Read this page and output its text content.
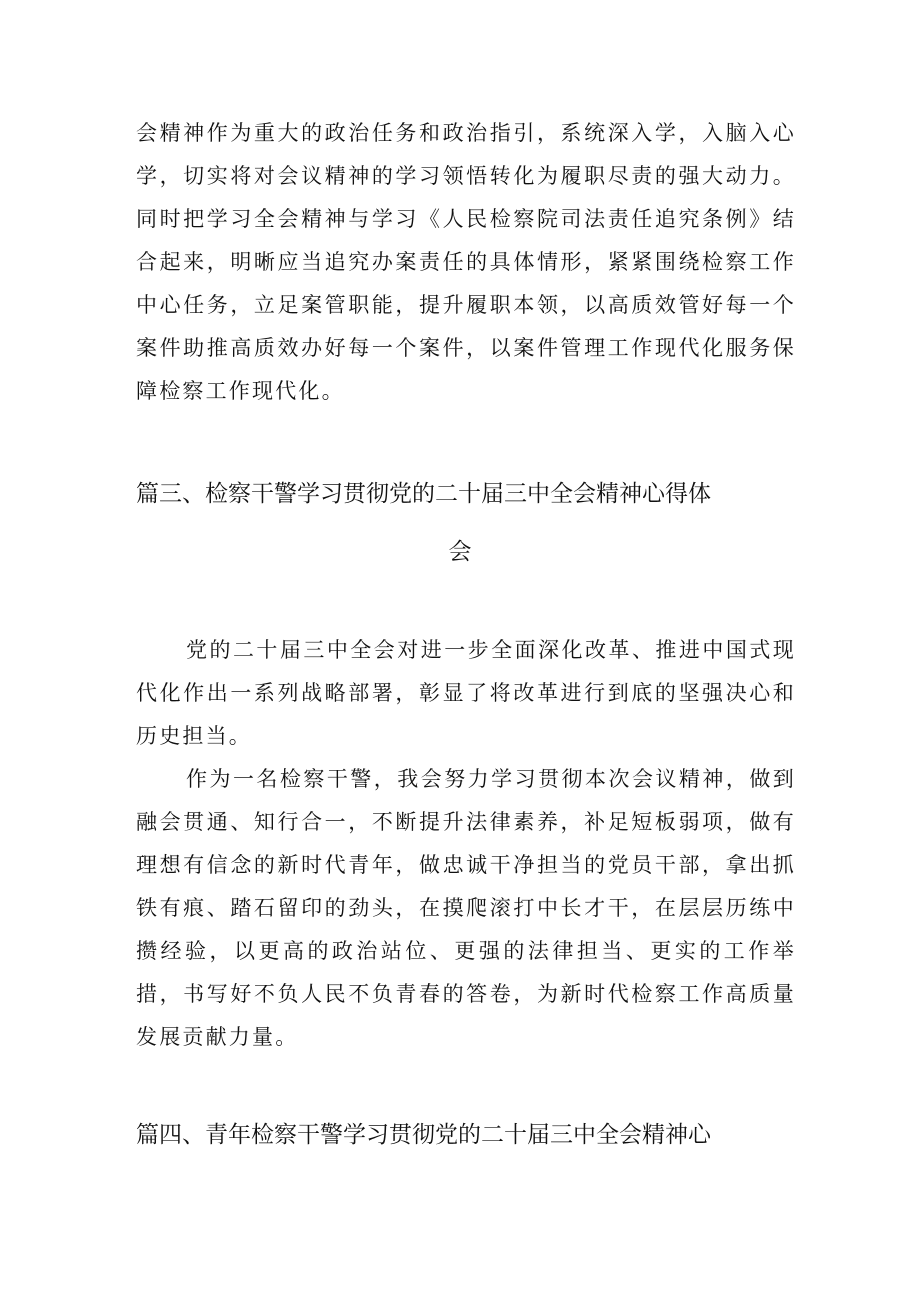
会精神作为重大的政治任务和政治指引，系统深入学，入脑入心学，切实将对会议精神的学习领悟转化为履职尽责的强大动力。同时把学习全会精神与学习《人民检察院司法责任追究条例》结合起来，明晰应当追究办案责任的具体情形，紧紧围绕检察工作中心任务，立足案管职能，提升履职本领，以高质效管好每一个案件助推高质效办好每一个案件，以案件管理工作现代化服务保障检察工作现代化。

篇三、检察干警学习贯彻党的二十届三中全会精神心得体
会

党的二十届三中全会对进一步全面深化改革、推进中国式现代化作出一系列战略部署，彰显了将改革进行到底的坚强决心和历史担当。

作为一名检察干警，我会努力学习贯彻本次会议精神，做到融会贯通、知行合一，不断提升法律素养，补足短板弱项，做有理想有信念的新时代青年，做忠诚干净担当的党员干部，拿出抓铁有痕、踏石留印的劲头，在摸爬滚打中长才干，在层层历练中攒经验，以更高的政治站位、更强的法律担当、更实的工作举措，书写好不负人民不负青春的答卷，为新时代检察工作高质量发展贡献力量。

篇四、青年检察干警学习贯彻党的二十届三中全会精神心
